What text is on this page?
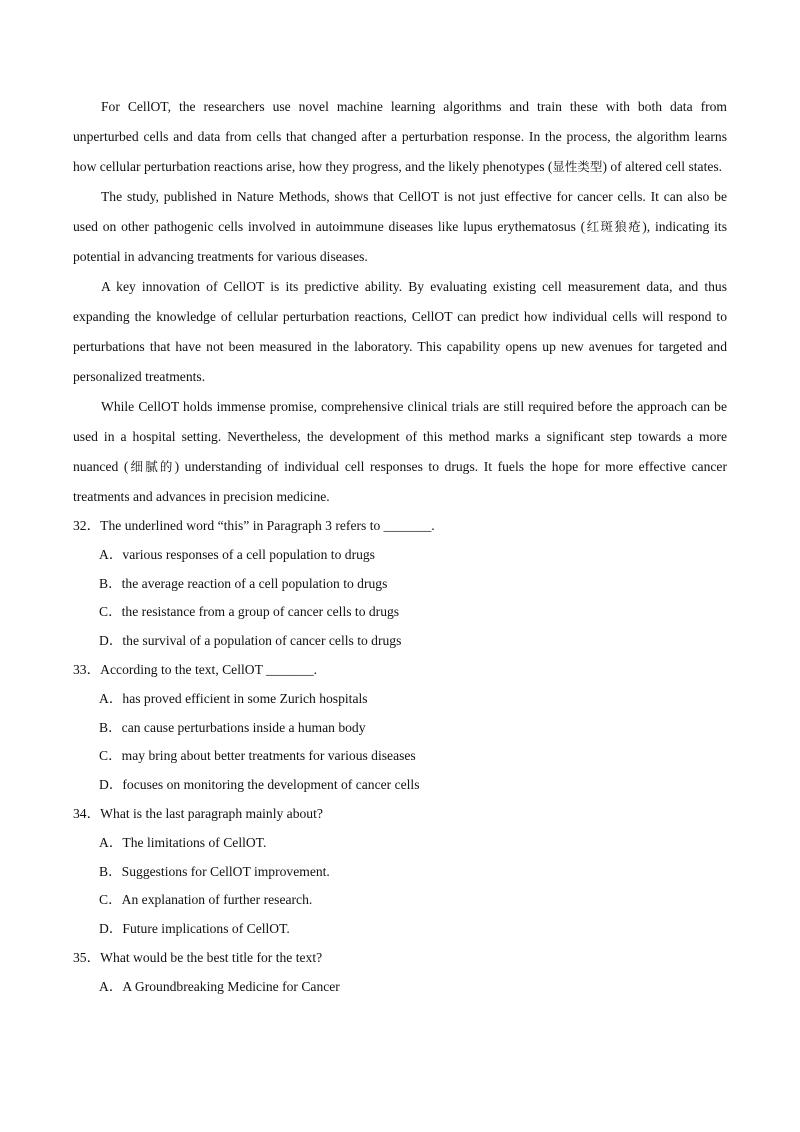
For CellOT, the researchers use novel machine learning algorithms and train these with both data from unperturbed cells and data from cells that changed after a perturbation response. In the process, the algorithm learns how cellular perturbation reactions arise, how they progress, and the likely phenotypes (显性类型) of altered cell states.

The study, published in Nature Methods, shows that CellOT is not just effective for cancer cells. It can also be used on other pathogenic cells involved in autoimmune diseases like lupus erythematosus (红斑狼疮), indicating its potential in advancing treatments for various diseases.

A key innovation of CellOT is its predictive ability. By evaluating existing cell measurement data, and thus expanding the knowledge of cellular perturbation reactions, CellOT can predict how individual cells will respond to perturbations that have not been measured in the laboratory. This capability opens up new avenues for targeted and personalized treatments.

While CellOT holds immense promise, comprehensive clinical trials are still required before the approach can be used in a hospital setting. Nevertheless, the development of this method marks a significant step towards a more nuanced (细腻的) understanding of individual cell responses to drugs. It fuels the hope for more effective cancer treatments and advances in precision medicine.

32．The underlined word “this” in Paragraph 3 refers to _______.

A．various responses of a cell population to drugs

B．the average reaction of a cell population to drugs

C．the resistance from a group of cancer cells to drugs

D．the survival of a population of cancer cells to drugs

33．According to the text, CellOT _______.

A．has proved efficient in some Zurich hospitals

B．can cause perturbations inside a human body

C．may bring about better treatments for various diseases

D．focuses on monitoring the development of cancer cells

34．What is the last paragraph mainly about?

A．The limitations of CellOT.

B．Suggestions for CellOT improvement.

C．An explanation of further research.

D．Future implications of CellOT.

35．What would be the best title for the text?

A．A Groundbreaking Medicine for Cancer
